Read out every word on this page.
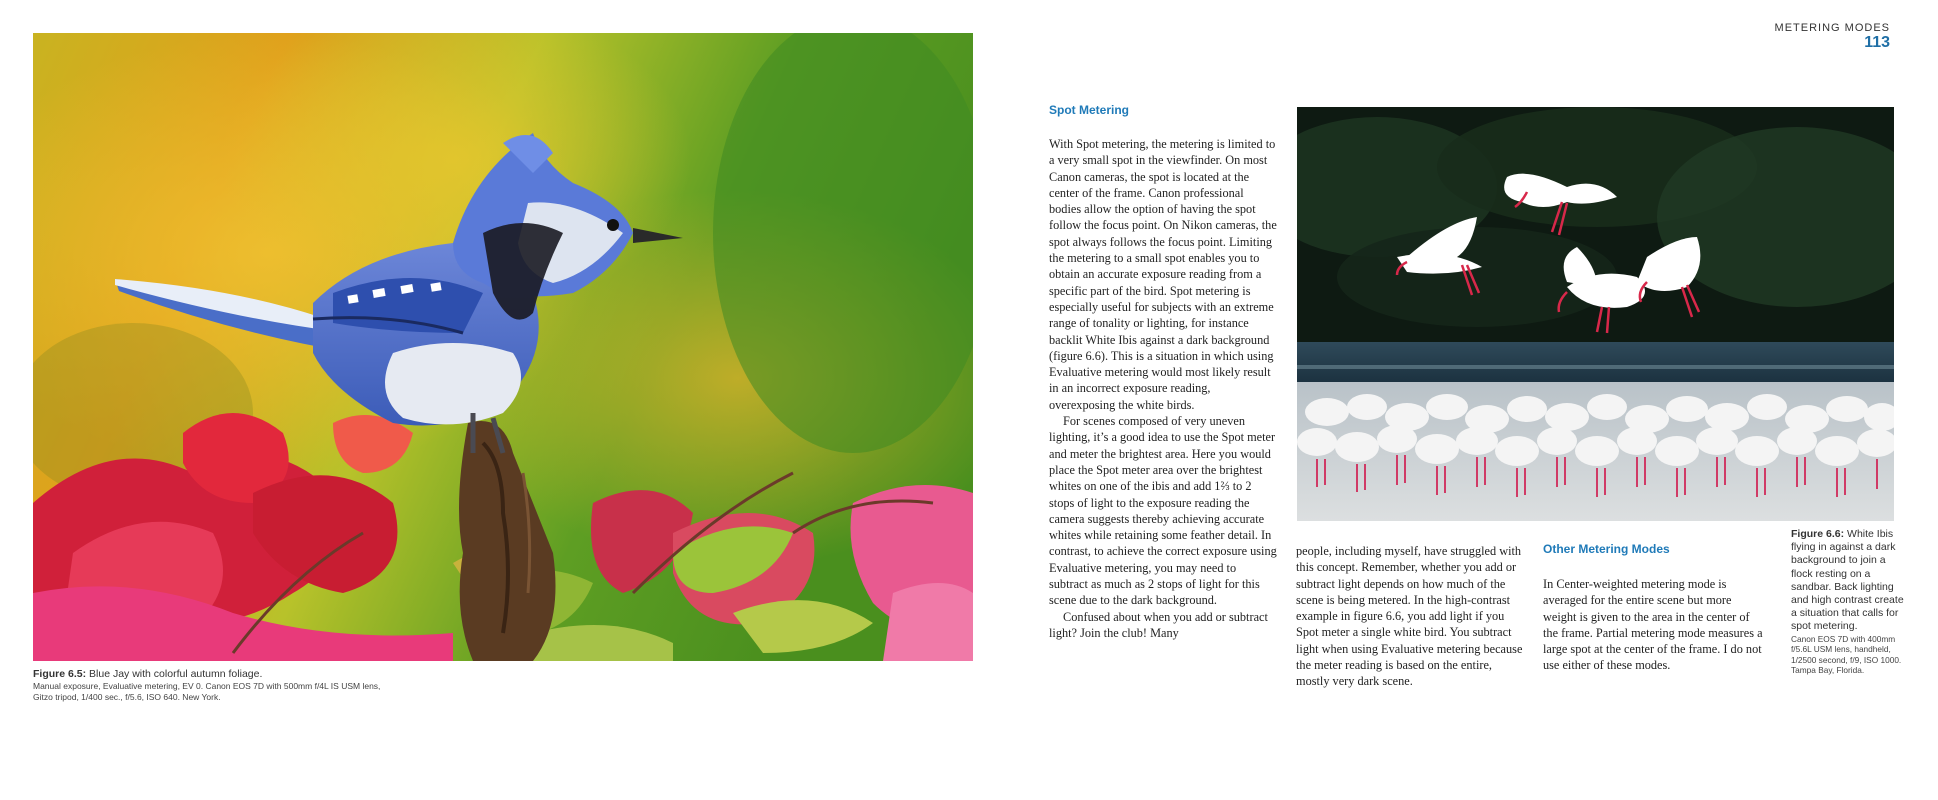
METERING MODES
113
Figure 6.5: Blue Jay with colorful autumn foliage.
Manual exposure, Evaluative metering, EV 0. Canon EOS 7D with 500mm f/4L IS USM lens,
Gitzo tripod, 1/400 sec., f/5.6, ISO 640. New York.
Spot Metering

With Spot metering, the metering is limited to a very small spot in the viewfinder. On most Canon cameras, the spot is located at the center of the frame. Canon professional bodies allow the option of having the spot follow the focus point. On Nikon cameras, the spot always follows the focus point. Limiting the metering to a small spot enables you to obtain an accurate exposure reading from a specific part of the bird. Spot metering is especially useful for subjects with an extreme range of tonality or lighting, for instance backlit White Ibis against a dark background (figure 6.6). This is a situation in which using Evaluative metering would most likely result in an incorrect exposure reading, overexposing the white birds.

For scenes composed of very uneven lighting, it’s a good idea to use the Spot meter and meter the brightest area. Here you would place the Spot meter area over the brightest whites on one of the ibis and add 1⅔ to 2 stops of light to the exposure reading the camera suggests thereby achieving accurate whites while retaining some feather detail. In contrast, to achieve the correct exposure using Evaluative metering, you may need to subtract as much as 2 stops of light for this scene due to the dark background.

Confused about when you add or subtract light? Join the club! Many

Figure 6.6: White Ibis flying in against a dark background to join a flock resting on a sandbar. Back lighting and high contrast create a situation that calls for spot metering.
Canon EOS 7D with 400mm f/5.6L USM lens, handheld, 1/2500 second, f/9, ISO 1000. Tampa Bay, Florida.

people, including myself, have struggled with this concept. Remember, whether you add or subtract light depends on how much of the scene is being metered. In the high-contrast example in figure 6.6, you add light if you Spot meter a single white bird. You subtract light when using Evaluative metering because the meter reading is based on the entire, mostly very dark scene.

Other Metering Modes

In Center-weighted metering mode is averaged for the entire scene but more weight is given to the area in the center of the frame. Partial metering mode measures a large spot at the center of the frame. I do not use either of these modes.
